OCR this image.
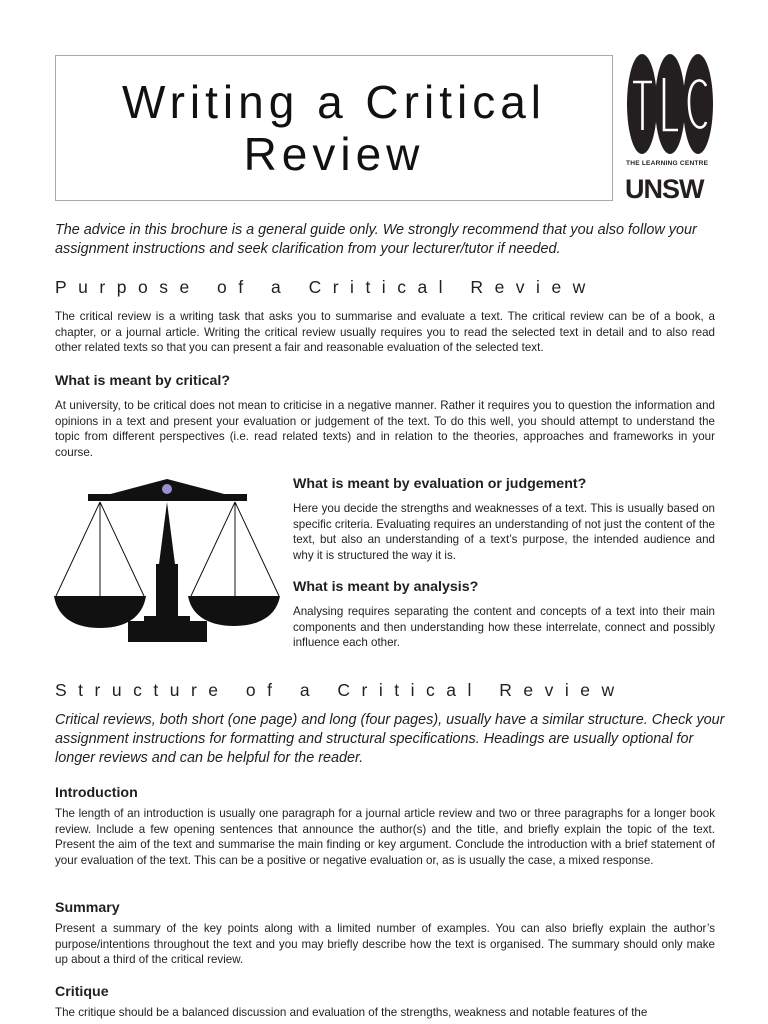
Writing a Critical
Review	THE LEARNING CENTRE
UNSW
The advice in this brochure is a general guide only. We strongly recommend that you also follow your assignment instructions and seek clarification from your lecturer/tutor if needed.
Purpose of a Critical Review
The critical review is a writing task that asks you to summarise and evaluate a text. The critical review can be of a book, a chapter, or a journal article. Writing the critical review usually requires you to read the selected text in detail and to also read other related texts so that you can present a fair and reasonable evaluation of the selected text.
What is meant by critical?
At university, to be critical does not mean to criticise in a negative manner. Rather it requires you to question the information and opinions in a text and present your evaluation or judgement of the text. To do this well, you should attempt to understand the topic from different perspectives (i.e. read related texts) and in relation to the theories, approaches and frameworks in your course.
What is meant by evaluation or judgement?
Here you decide the strengths and weaknesses of a text. This is usually based on specific criteria. Evaluating requires an understanding of not just the content of the text, but also an understanding of a text’s purpose, the intended audience and why it is structured the way it is.
What is meant by analysis?
Analysing requires separating the content and concepts of a text into their main components and then understanding how these interrelate, connect and possibly influence each other.
Structure of a Critical Review
Critical reviews, both short (one page) and long (four pages), usually have a similar structure. Check your assignment instructions for formatting and structural specifications. Headings are usually optional for longer reviews and can be helpful for the reader.
Introduction
The length of an introduction is usually one paragraph for a journal article review and two or three paragraphs for a longer book review. Include a few opening sentences that announce the author(s) and the title, and briefly explain the topic of the text. Present the aim of the text and summarise the main finding or key argument. Conclude the introduction with a brief statement of your evaluation of the text. This can be a positive or negative evaluation or, as is usually the case, a mixed response.
Summary
Present a summary of the key points along with a limited number of examples. You can also briefly explain the author’s purpose/intentions throughout the text and you may briefly describe how the text is organised. The summary should only make up about a third of the critical review.
Critique
The critique should be a balanced discussion and evaluation of the strengths, weakness and notable features of the
